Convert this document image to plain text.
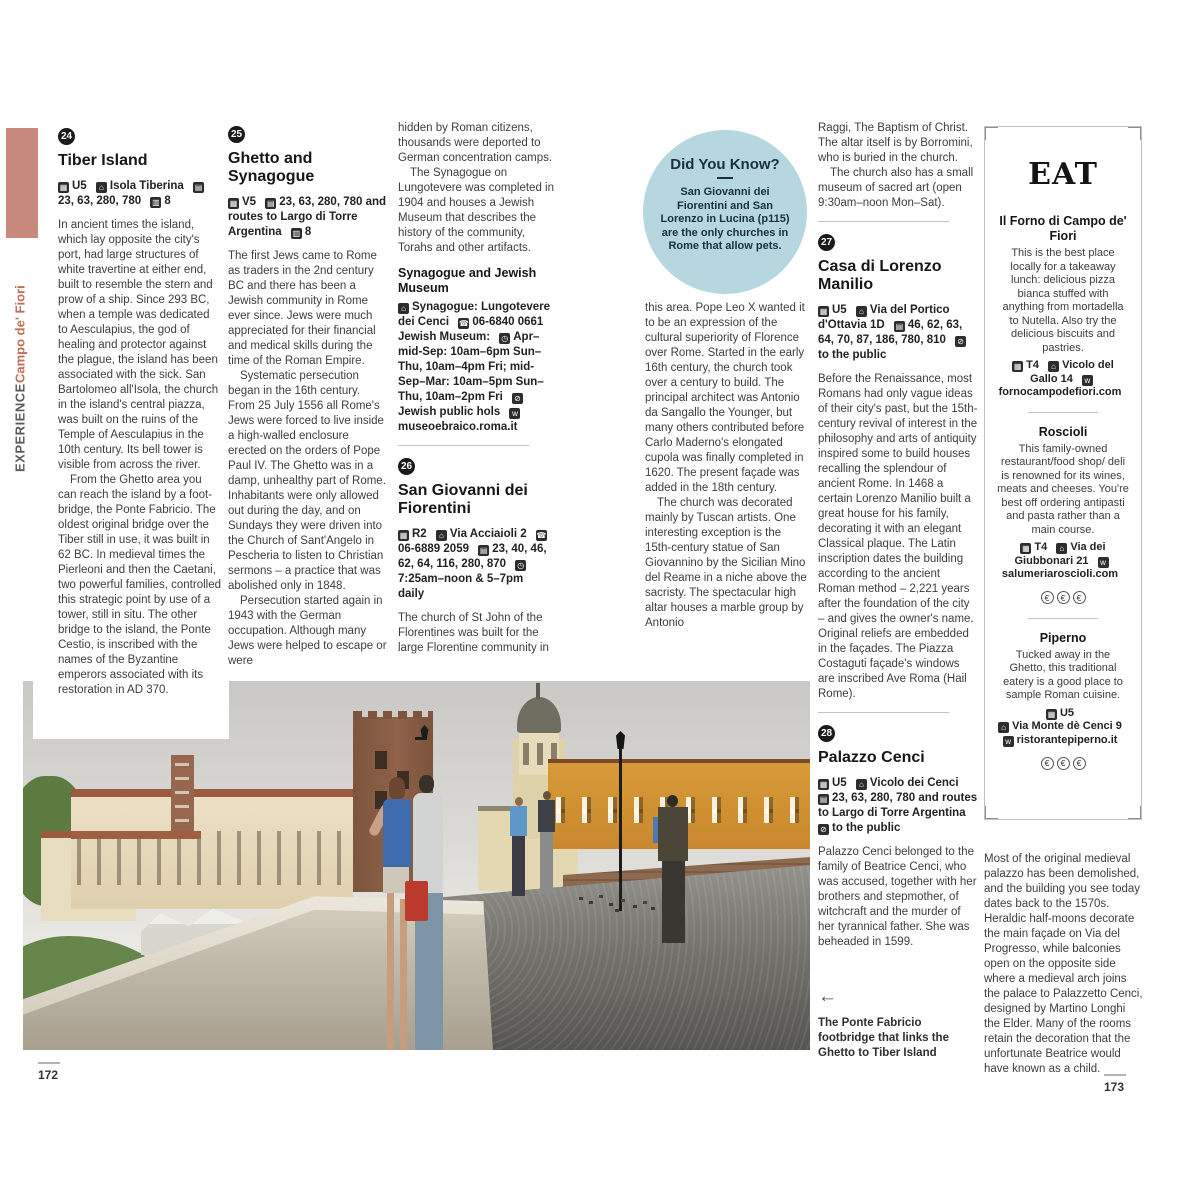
EXPERIENCE
Campo de' Fiori
24
Tiber Island
▦ U5 ⌂ Isola Tiberina ▤23, 63, 280, 780 ▥ 8

In ancient times the island, which lay opposite the city's port, had large structures of white travertine at either end, built to resemble the stern and prow of a ship. Since 293 BC, when a temple was dedicated to Aesculapius, the god of healing and protector against the plague, the island has been associated with the sick. San Bartolomeo all'Isola, the church in the island's central piazza, was built on the ruins of the Temple of Aesculapius in the 10th century. Its bell tower is visible from across the river.

From the Ghetto area you can reach the island by a foot-bridge, the Ponte Fabricio. The oldest original bridge over the Tiber still in use, it was built in 62 BC. In medieval times the Pierleoni and then the Caetani, two powerful families, controlled this strategic point by use of a tower, still in situ. The other bridge to the island, the Ponte Cestio, is inscribed with the names of the Byzantine emperors associated with its restoration in AD 370.

25
Ghetto and Synagogue
▦ V5 ▤ 23, 63, 280, 780 and routes to Largo di Torre Argentina ▥ 8

The first Jews came to Rome as traders in the 2nd century BC and there has been a Jewish community in Rome ever since. Jews were much appreciated for their financial and medical skills during the time of the Roman Empire.

Systematic persecution began in the 16th century. From 25 July 1556 all Rome's Jews were forced to live inside a high-walled enclosure erected on the orders of Pope Paul IV. The Ghetto was in a damp, unhealthy part of Rome. Inhabitants were only allowed out during the day, and on Sundays they were driven into the Church of Sant'Angelo in Pescheria to listen to Christian sermons – a practice that was abolished only in 1848.

Persecution started again in 1943 with the German occupation. Although many Jews were helped to escape or were

hidden by Roman citizens, thousands were deported to German concentration camps.

The Synagogue on Lungotevere was completed in 1904 and houses a Jewish Museum that describes the history of the community, Torahs and other artifacts.

Synagogue and Jewish Museum
⌂ Synagogue: Lungotevere dei Cenci ☎ 06-6840 0661 Jewish Museum: ◷ Apr–mid-Sep: 10am–6pm Sun–Thu, 10am–4pm Fri; mid-Sep–Mar: 10am–5pm Sun–Thu, 10am–2pm Fri ⊘Jewish public hols wmuseoebraico.roma.it
26
San Giovanni dei Fiorentini
▦ R2 ⌂ Via Acciaioli 2 ☎06-6889 2059 ▤ 23, 40, 46, 62, 64, 116, 280, 870 ◷7:25am–noon & 5–7pm daily

The church of St John of the Florentines was built for the large Florentine community in

Did You Know?
San Giovanni dei Fiorentini and San Lorenzo in Lucina (p115) are the only churches in Rome that allow pets.

this area. Pope Leo X wanted it to be an expression of the cultural superiority of Florence over Rome. Started in the early 16th century, the church took over a century to build. The principal architect was Antonio da Sangallo the Younger, but many others contributed before Carlo Maderno's elongated cupola was finally completed in 1620. The present façade was added in the 18th century.

The church was decorated mainly by Tuscan artists. One interesting exception is the 15th-century statue of San Giovannino by the Sicilian Mino del Reame in a niche above the sacristy. The spectacular high altar houses a marble group by Antonio

Raggi, The Baptism of Christ. The altar itself is by Borromini, who is buried in the church.

The church also has a small museum of sacred art (open 9:30am–noon Mon–Sat).

27
Casa di Lorenzo Manilio
▦ U5 ⌂ Via del Portico d'Ottavia 1D ▤ 46, 62, 63, 64, 70, 87, 186, 780, 810 ⊘to the public

Before the Renaissance, most Romans had only vague ideas of their city's past, but the 15th-century revival of interest in the philosophy and arts of antiquity inspired some to build houses recalling the splendour of ancient Rome. In 1468 a certain Lorenzo Manilio built a great house for his family, decorating it with an elegant Classical plaque. The Latin inscription dates the building according to the ancient Roman method – 2,221 years after the foundation of the city – and gives the owner's name. Original reliefs are embedded in the façades. The Piazza Costaguti façade's windows are inscribed Ave Roma (Hail Rome).

28
Palazzo Cenci
▦ U5 ⌂ Vicolo dei Cenci ▤ 23, 63, 280, 780 and routes to Largo di Torre Argentina ⊘ to the public

Palazzo Cenci belonged to the family of Beatrice Cenci, who was accused, together with her brothers and stepmother, of witchcraft and the murder of her tyrannical father. She was beheaded in 1599.

←
The Ponte Fabricio footbridge that links the Ghetto to Tiber Island
EAT
Il Forno di Campo de' Fiori
This is the best place locally for a takeaway lunch: delicious pizza bianca stuffed with anything from mortadella to Nutella. Also try the delicious biscuits and pastries.
▦ T4 ⌂ Vicolo del Gallo 14 wfornocampodefiori.com
Roscioli
This family-owned restaurant/food shop/ deli is renowned for its wines, meats and cheeses. You're best off ordering antipasti and pasta rather than a main course.
▦ T4 ⌂ Via dei Giubbonari 21 wsalumeriaroscioli.com
€ € €
Piperno
Tucked away in the Ghetto, this traditional eatery is a good place to sample Roman cuisine.
▦ U5
⌂ Via Monte dè Cenci 9
w ristorantepiperno.it
€ € €

Most of the original medieval palazzo has been demolished, and the building you see today dates back to the 1570s. Heraldic half-moons decorate the main façade on Via del Progresso, while balconies open on the opposite side where a medieval arch joins the palace to Palazzetto Cenci, designed by Martino Longhi the Elder. Many of the rooms retain the decoration that the unfortunate Beatrice would have known as a child.

172
173
